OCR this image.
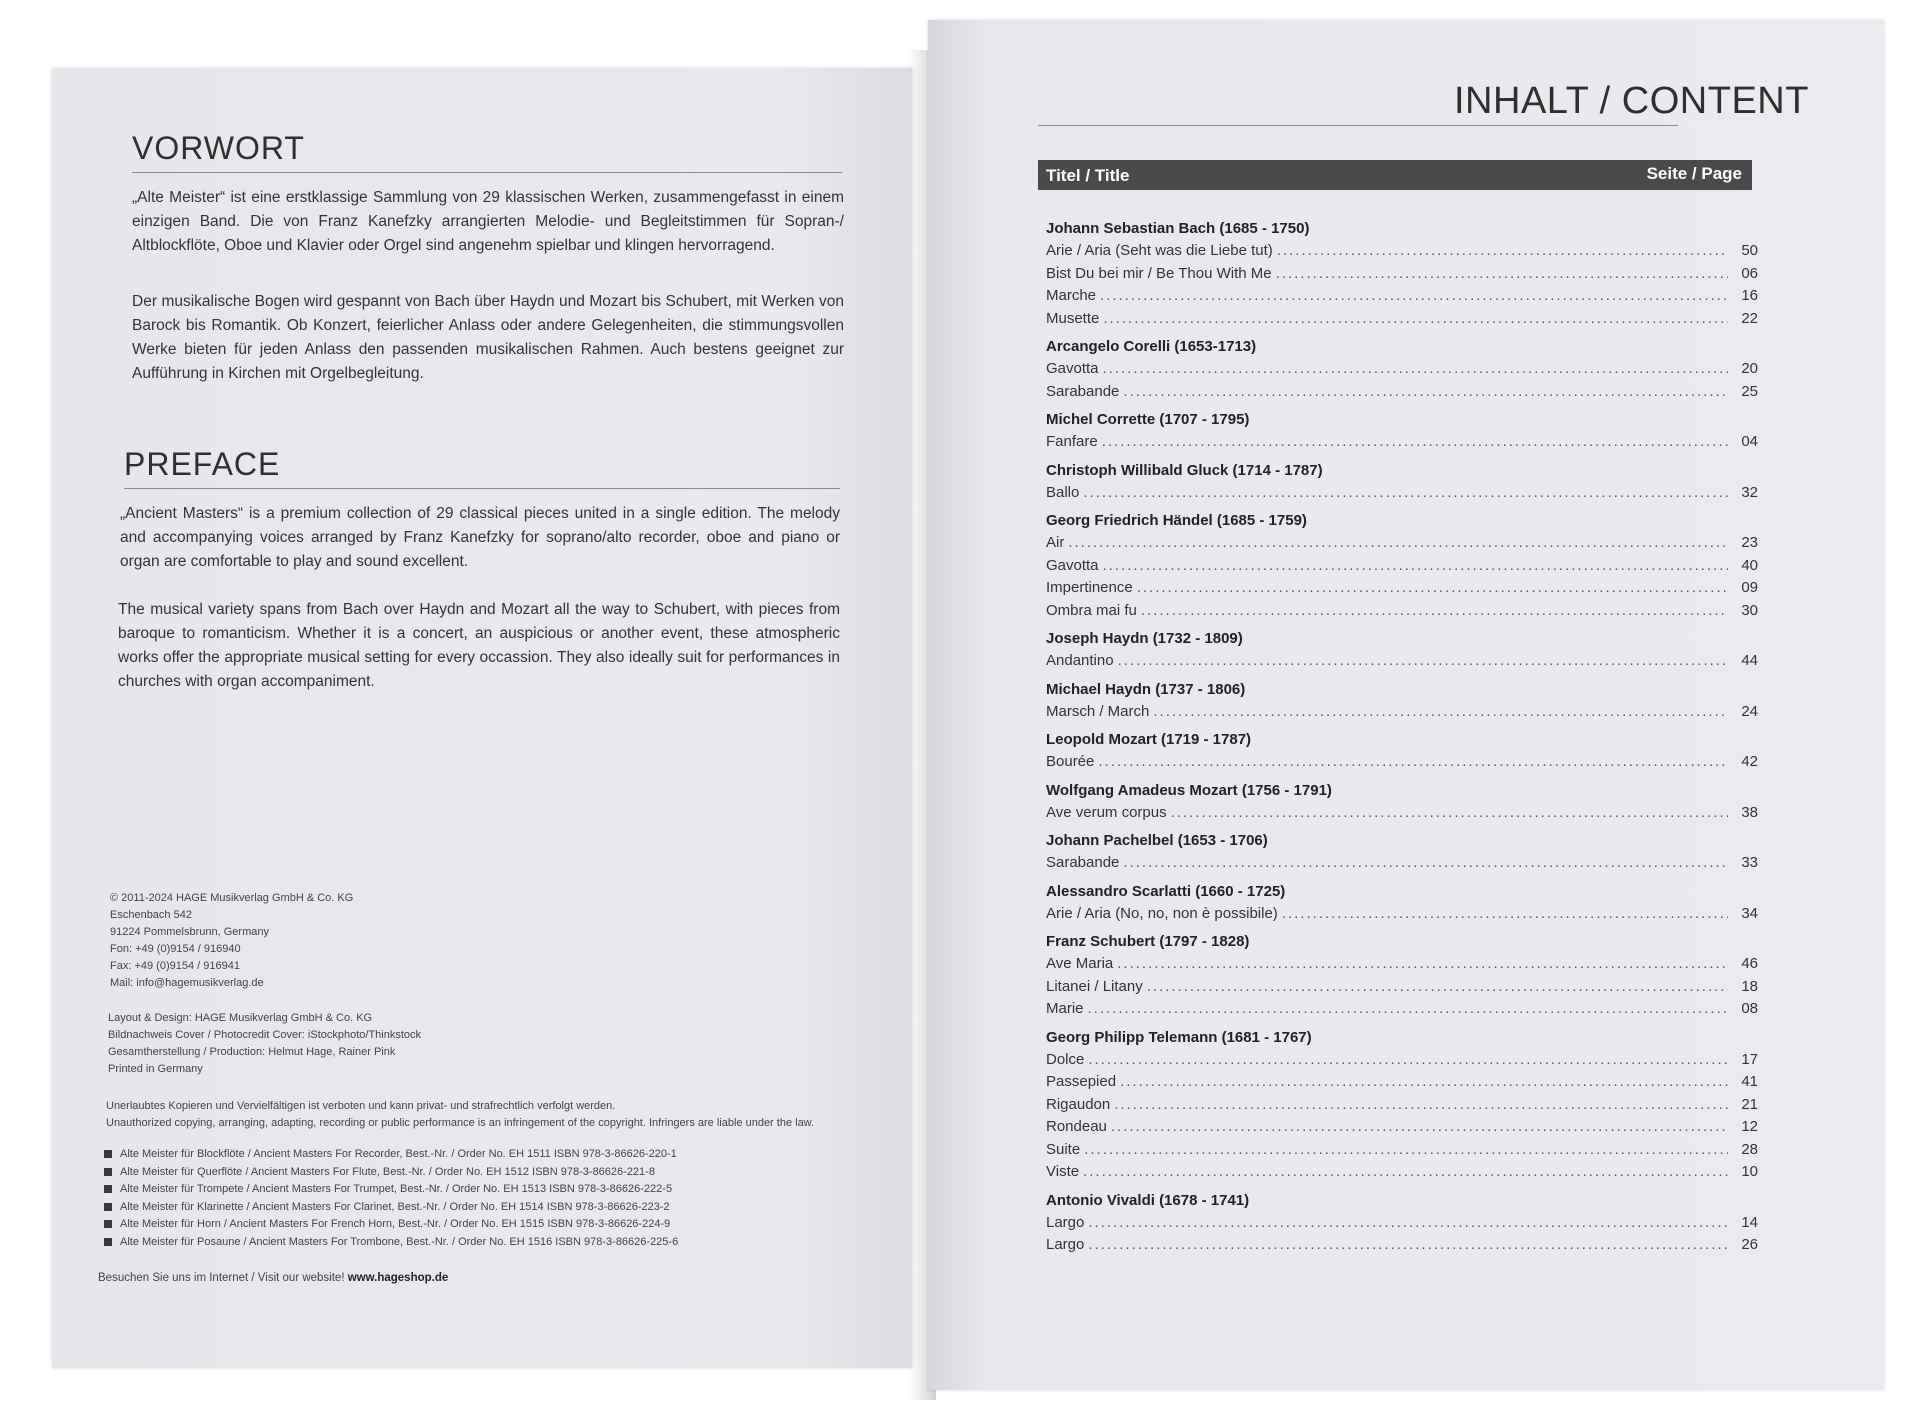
VORWORT
„Alte Meister“ ist eine erstklassige Sammlung von 29 klassischen Werken, zusammengefasst in einem einzigen Band. Die von Franz Kanefzky arrangierten Melodie- und Begleitstimmen für Sopran-/ Altblockflöte, Oboe und Klavier oder Orgel sind angenehm spielbar und klingen hervorragend.
Der musikalische Bogen wird gespannt von Bach über Haydn und Mozart bis Schubert, mit Werken von Barock bis Romantik. Ob Konzert, feierlicher Anlass oder andere Gelegenheiten, die stimmungsvollen Werke bieten für jeden Anlass den passenden musikalischen Rahmen. Auch bestens geeignet zur Aufführung in Kirchen mit Orgelbegleitung.
PREFACE
„Ancient Masters“ is a premium collection of 29 classical pieces united in a single edition. The melody and accompanying voices arranged by Franz Kanefzky for soprano/alto recorder, oboe and piano or organ are comfortable to play and sound excellent.
The musical variety spans from Bach over Haydn and Mozart all the way to Schubert, with pieces from baroque to romanticism. Whether it is a concert, an auspicious or another event, these atmospheric works offer the appropriate musical setting for every occassion. They also ideally suit for performances in churches with organ accompaniment.
© 2011-2024 HAGE Musikverlag GmbH & Co. KG
Eschenbach 542
91224 Pommelsbrunn, Germany
Fon: +49 (0)9154 / 916940
Fax: +49 (0)9154 / 916941
Mail: info@hagemusikverlag.de
Layout & Design: HAGE Musikverlag GmbH & Co. KG
Bildnachweis Cover / Photocredit Cover: iStockphoto/Thinkstock
Gesamtherstellung / Production: Helmut Hage, Rainer Pink
Printed in Germany
Unerlaubtes Kopieren und Vervielfältigen ist verboten und kann privat- und strafrechtlich verfolgt werden.
Unauthorized copying, arranging, adapting, recording or public performance is an infringement of the copyright. Infringers are liable under the law.
Alte Meister für Blockflöte / Ancient Masters For Recorder, Best.-Nr. / Order No. EH 1511 ISBN 978-3-86626-220-1
Alte Meister für Querflöte / Ancient Masters For Flute, Best.-Nr. / Order No. EH 1512 ISBN 978-3-86626-221-8
Alte Meister für Trompete / Ancient Masters For Trumpet, Best.-Nr. / Order No. EH 1513 ISBN 978-3-86626-222-5
Alte Meister für Klarinette / Ancient Masters For Clarinet, Best.-Nr. / Order No. EH 1514 ISBN 978-3-86626-223-2
Alte Meister für Horn / Ancient Masters For French Horn, Best.-Nr. / Order No. EH 1515 ISBN 978-3-86626-224-9
Alte Meister für Posaune / Ancient Masters For Trombone, Best.-Nr. / Order No. EH 1516 ISBN 978-3-86626-225-6
Besuchen Sie uns im Internet / Visit our website! www.hageshop.de
INHALT / CONTENT
Titel / Title	Seite / Page
Johann Sebastian Bach (1685 - 1750)
Arie / Aria (Seht was die Liebe tut) .....	50
Bist Du bei mir / Be Thou With Me .....	06
Marche .....	16
Musette .....	22
Arcangelo Corelli (1653-1713)
Gavotta .....	20
Sarabande .....	25
Michel Corrette (1707 - 1795)
Fanfare .....	04
Christoph Willibald Gluck (1714 - 1787)
Ballo .....	32
Georg Friedrich Händel (1685 - 1759)
Air .....	23
Gavotta .....	40
Impertinence .....	09
Ombra mai fu .....	30
Joseph Haydn (1732 - 1809)
Andantino .....	44
Michael Haydn (1737 - 1806)
Marsch / March .....	24
Leopold Mozart (1719 - 1787)
Bourée .....	42
Wolfgang Amadeus Mozart (1756 - 1791)
Ave verum corpus .....	38
Johann Pachelbel (1653 - 1706)
Sarabande .....	33
Alessandro Scarlatti (1660 - 1725)
Arie / Aria (No, no, non è possibile) .....	34
Franz Schubert (1797 - 1828)
Ave Maria .....	46
Litanei / Litany .....	18
Marie .....	08
Georg Philipp Telemann (1681 - 1767)
Dolce .....	17
Passepied .....	41
Rigaudon .....	21
Rondeau .....	12
Suite .....	28
Viste .....	10
Antonio Vivaldi (1678 - 1741)
Largo .....	14
Largo .....	26
